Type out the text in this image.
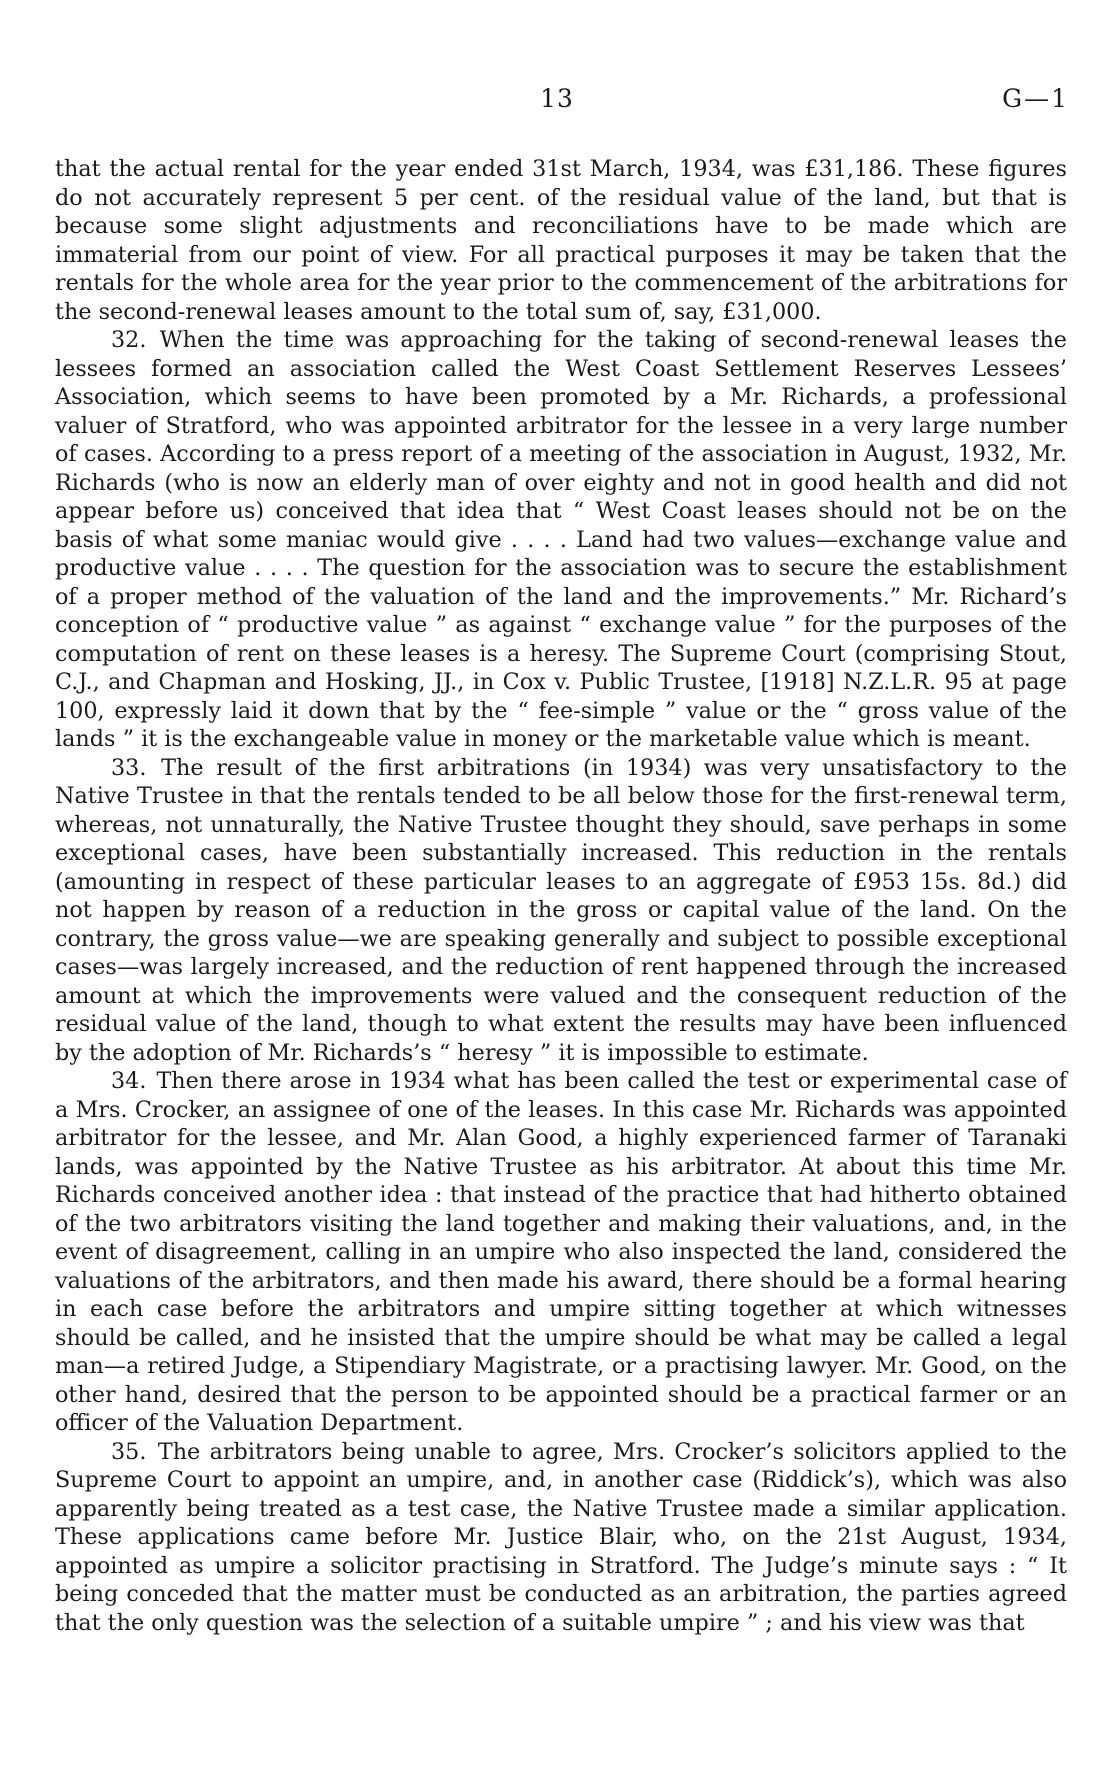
13	G—1

that the actual rental for the year ended 31st March, 1934, was £31,186. These figures do not accurately represent 5 per cent. of the residual value of the land, but that is because some slight adjustments and reconciliations have to be made which are immaterial from our point of view. For all practical purposes it may be taken that the rentals for the whole area for the year prior to the commencement of the arbitrations for the second-renewal leases amount to the total sum of, say, £31,000.

32. When the time was approaching for the taking of second-renewal leases the lessees formed an association called the West Coast Settlement Reserves Lessees’ Association, which seems to have been promoted by a Mr. Richards, a professional valuer of Stratford, who was appointed arbitrator for the lessee in a very large number of cases. According to a press report of a meeting of the association in August, 1932, Mr. Richards (who is now an elderly man of over eighty and not in good health and did not appear before us) conceived that idea that “ West Coast leases should not be on the basis of what some maniac would give . . . . Land had two values—exchange value and productive value . . . . The question for the association was to secure the establishment of a proper method of the valuation of the land and the improvements.” Mr. Richard’s conception of “ productive value ” as against “ exchange value ” for the purposes of the computation of rent on these leases is a heresy. The Supreme Court (comprising Stout, C.J., and Chapman and Hosking, JJ., in Cox v. Public Trustee, [1918] N.Z.L.R. 95 at page 100, expressly laid it down that by the “ fee-simple ” value or the “ gross value of the lands ” it is the exchangeable value in money or the marketable value which is meant.

33. The result of the first arbitrations (in 1934) was very unsatisfactory to the Native Trustee in that the rentals tended to be all below those for the first-renewal term, whereas, not unnaturally, the Native Trustee thought they should, save perhaps in some exceptional cases, have been substantially increased. This reduction in the rentals (amounting in respect of these particular leases to an aggregate of £953 15s. 8d.) did not happen by reason of a reduction in the gross or capital value of the land. On the contrary, the gross value—we are speaking generally and subject to possible exceptional cases—was largely increased, and the reduction of rent happened through the increased amount at which the improvements were valued and the consequent reduction of the residual value of the land, though to what extent the results may have been influenced by the adoption of Mr. Richards’s “ heresy ” it is impossible to estimate.

34. Then there arose in 1934 what has been called the test or experimental case of a Mrs. Crocker, an assignee of one of the leases. In this case Mr. Richards was appointed arbitrator for the lessee, and Mr. Alan Good, a highly experienced farmer of Taranaki lands, was appointed by the Native Trustee as his arbitrator. At about this time Mr. Richards conceived another idea : that instead of the practice that had hitherto obtained of the two arbitrators visiting the land together and making their valuations, and, in the event of disagreement, calling in an umpire who also inspected the land, considered the valuations of the arbitrators, and then made his award, there should be a formal hearing in each case before the arbitrators and umpire sitting together at which witnesses should be called, and he insisted that the umpire should be what may be called a legal man—a retired Judge, a Stipendiary Magistrate, or a practising lawyer. Mr. Good, on the other hand, desired that the person to be appointed should be a practical farmer or an officer of the Valuation Department.

35. The arbitrators being unable to agree, Mrs. Crocker’s solicitors applied to the Supreme Court to appoint an umpire, and, in another case (Riddick’s), which was also apparently being treated as a test case, the Native Trustee made a similar application. These applications came before Mr. Justice Blair, who, on the 21st August, 1934, appointed as umpire a solicitor practising in Stratford. The Judge’s minute says : “ It being conceded that the matter must be conducted as an arbitration, the parties agreed that the only question was the selection of a suitable umpire ” ; and his view was that
